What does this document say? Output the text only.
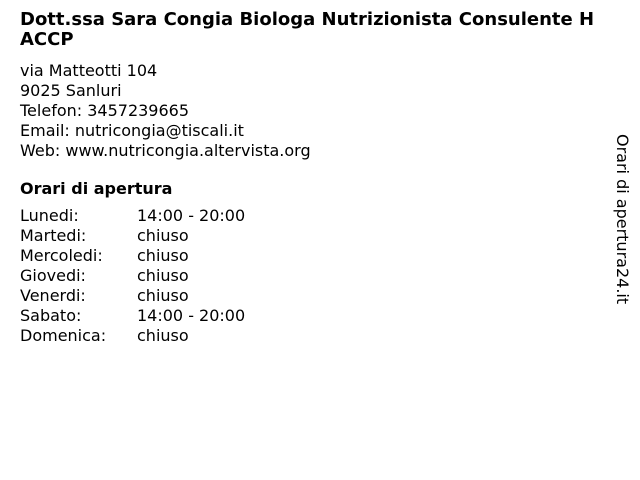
Dott.ssa Sara Congia Biologa Nutrizionista Consulente HACCP
via Matteotti 104
9025 Sanluri
Telefon: 3457239665
Email: nutricongia@tiscali.it
Web: www.nutricongia.altervista.org
Orari di apertura
Lunedi:	14:00 - 20:00
Martedi:	chiuso
Mercoledi: chiuso
Giovedi:	chiuso
Venerdi:	chiuso
Sabato:	14:00 - 20:00
Domenica: chiuso
Orari di apertura24.it
